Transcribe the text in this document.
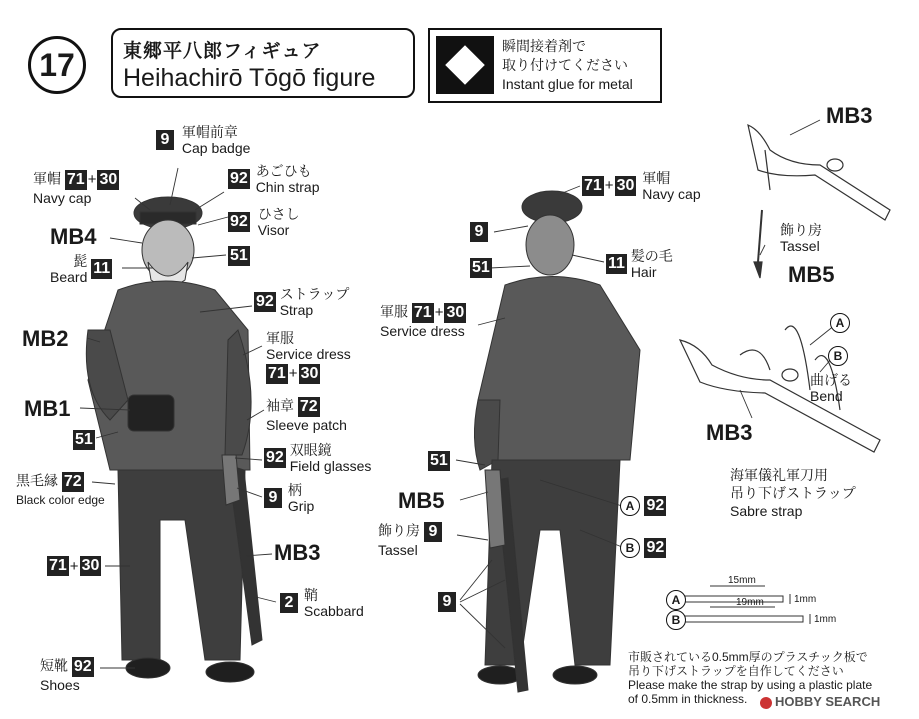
17	東郷平八郎フィギュア
Heihachirō Tōgō figure
瞬間接着剤で
取り付けてください
Instant glue for metal
9 軍帽前章
Cap badge
軍帽 71 + 30
Navy cap
92 あごひも
Chin strap
92 ひさし
Visor
MB4
髭
Beard 11
51
92 ストラップ
Strap
MB2	軍服
Service dress
71 + 30
袖章 72
Sleeve patch
MB1
51
92 双眼鏡
Field glasses
黒毛縁 72
Black color edge	9 柄
Grip
71 + 30
MB3
2 鞘
Scabbard
短靴 92
Shoes
71 + 30 軍帽
Navy cap
9
11 髪の毛
Hair
51
軍服 71 + 30
Service dress
51
MB5	A 92
飾り房 9
Tassel	B 92
9
MB3
飾り房
Tassel
MB5
A
B
曲げる
Bend
MB3
海軍儀礼軍刀用
吊り下げストラップ
Sabre strap
A
15mm
1mm
B
19mm
1mm
市販されている0.5mm厚のプラスチック板で
吊り下げストラップを自作してください
Please make the strap by using a plastic plate
of 0.5mm in thickness.	HOBBY SEARCH
